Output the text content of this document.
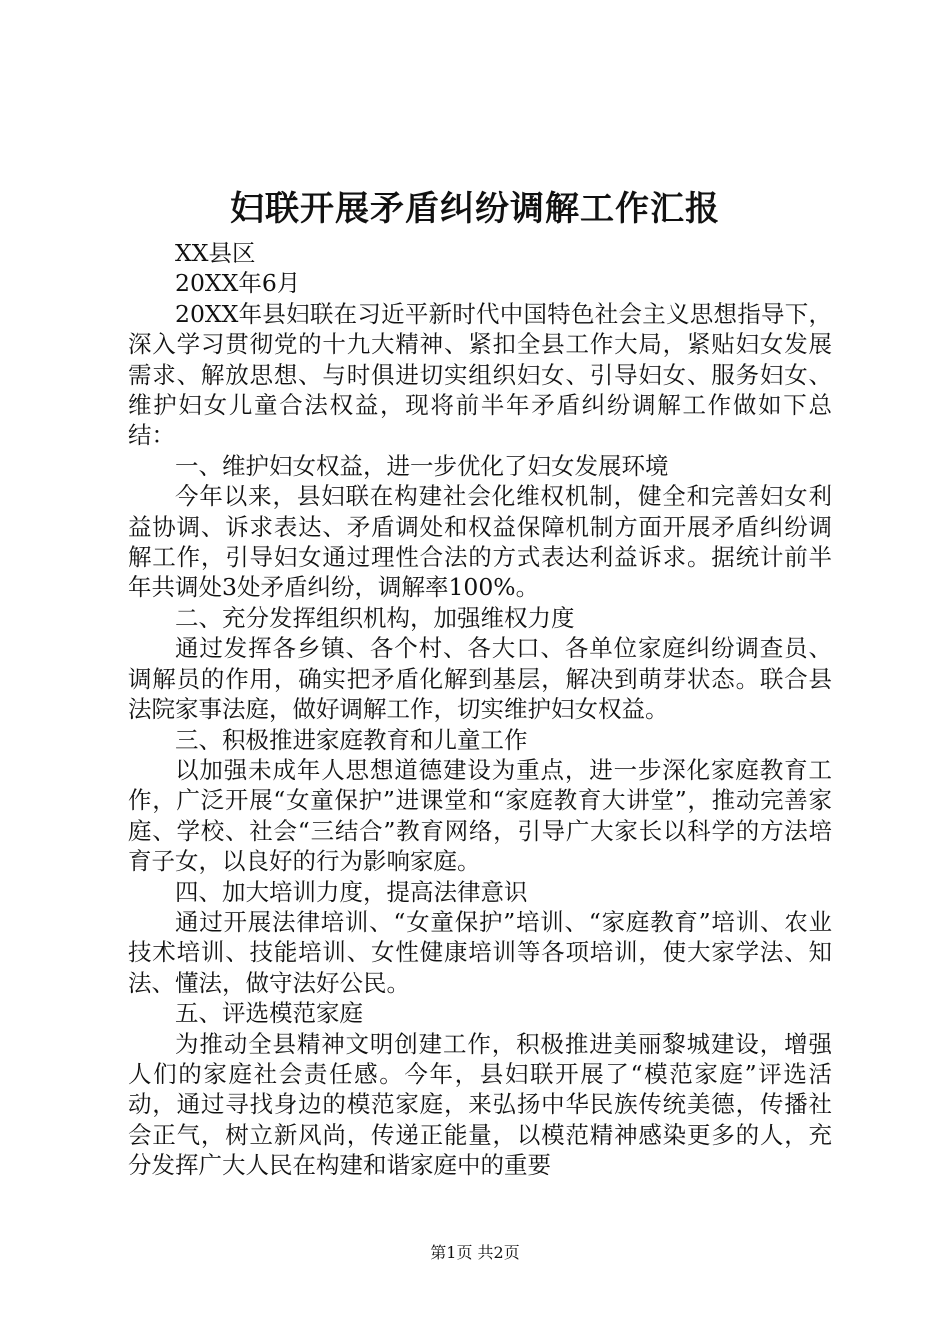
妇联开展矛盾纠纷调解工作汇报

XX县区

20XX年6月

20XX年县妇联在习近平新时代中国特色社会主义思想指导下，深入学习贯彻党的十九大精神、紧扣全县工作大局，紧贴妇女发展需求、解放思想、与时俱进切实组织妇女、引导妇女、服务妇女、维护妇女儿童合法权益，现将前半年矛盾纠纷调解工作做如下总结：

一、维护妇女权益，进一步优化了妇女发展环境

今年以来，县妇联在构建社会化维权机制，健全和完善妇女利益协调、诉求表达、矛盾调处和权益保障机制方面开展矛盾纠纷调解工作，引导妇女通过理性合法的方式表达利益诉求。据统计前半年共调处3处矛盾纠纷，调解率100%。

二、充分发挥组织机构，加强维权力度

通过发挥各乡镇、各个村、各大口、各单位家庭纠纷调查员、调解员的作用，确实把矛盾化解到基层，解决到萌芽状态。联合县法院家事法庭，做好调解工作，切实维护妇女权益。

三、积极推进家庭教育和儿童工作

以加强未成年人思想道德建设为重点，进一步深化家庭教育工作，广泛开展“女童保护”进课堂和“家庭教育大讲堂”，推动完善家庭、学校、社会“三结合”教育网络，引导广大家长以科学的方法培育子女，以良好的行为影响家庭。

四、加大培训力度，提高法律意识

通过开展法律培训、“女童保护”培训、“家庭教育”培训、农业技术培训、技能培训、女性健康培训等各项培训，使大家学法、知法、懂法，做守法好公民。

五、评选模范家庭

为推动全县精神文明创建工作，积极推进美丽黎城建设，增强人们的家庭社会责任感。今年，县妇联开展了“模范家庭”评选活动，通过寻找身边的模范家庭，来弘扬中华民族传统美德，传播社会正气，树立新风尚，传递正能量，以模范精神感染更多的人，充分发挥广大人民在构建和谐家庭中的重要

第1页 共2页
